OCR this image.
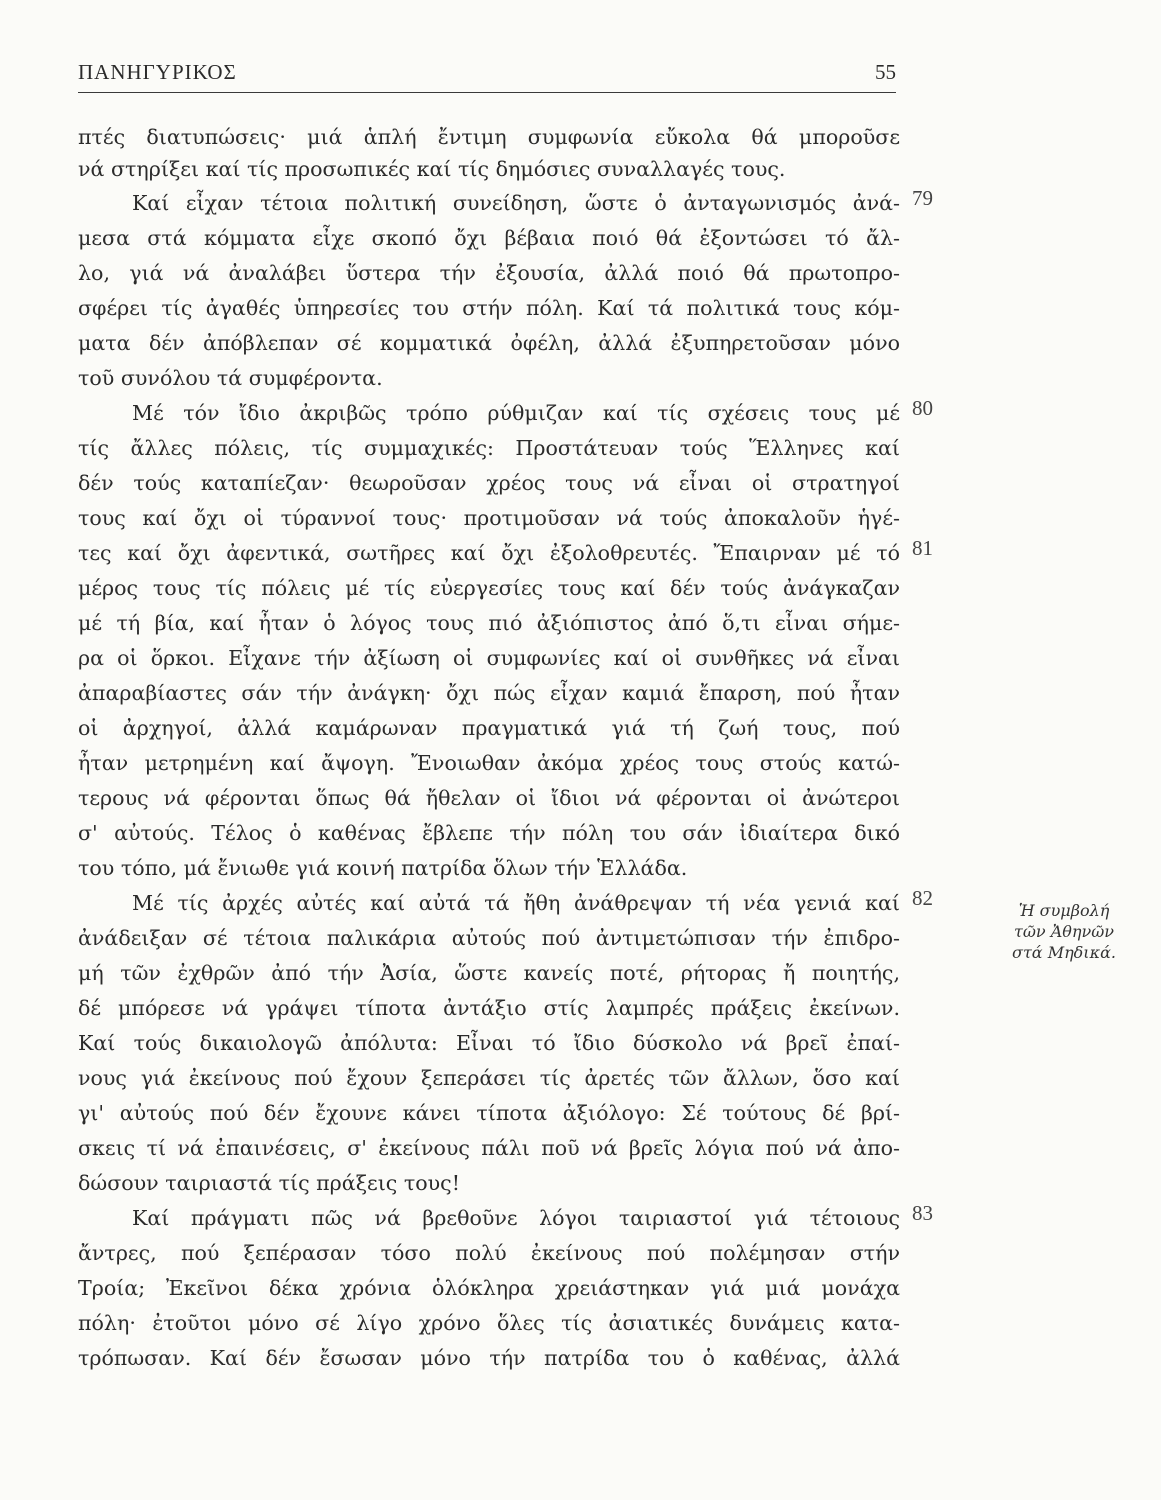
ΠΑΝΗΓΥΡΙΚΟΣ	55
πτές διατυπώσεις· μιά ἁπλή ἔντιμη συμφωνία εὔκολα θά μποροῦσε
νά στηρίξει καί τίς προσωπικές καί τίς δημόσιες συναλλαγές τους.
Καί εἶχαν τέτοια πολιτική συνείδηση, ὥστε ὁ ἀνταγωνισμός ἀνά-
μεσα στά κόμματα εἶχε σκοπό ὄχι βέβαια ποιό θά ἐξοντώσει τό ἄλ-
λο, γιά νά ἀναλάβει ὕστερα τήν ἐξουσία, ἀλλά ποιό θά πρωτοπρο-
σφέρει τίς ἀγαθές ὑπηρεσίες του στήν πόλη. Καί τά πολιτικά τους κόμ-
ματα δέν ἀπόβλεπαν σέ κομματικά ὀφέλη, ἀλλά ἐξυπηρετοῦσαν μόνο
τοῦ συνόλου τά συμφέροντα.
Μέ τόν ἴδιο ἀκριβῶς τρόπο ρύθμιζαν καί τίς σχέσεις τους μέ
τίς ἄλλες πόλεις, τίς συμμαχικές: Προστάτευαν τούς Ἕλληνες καί
δέν τούς καταπίεζαν· θεωροῦσαν χρέος τους νά εἶναι οἱ στρατηγοί
τους καί ὄχι οἱ τύραννοί τους· προτιμοῦσαν νά τούς ἀποκαλοῦν ἡγέ-
τες καί ὄχι ἀφεντικά, σωτῆρες καί ὄχι ἐξολοθρευτές. Ἔπαιρναν μέ τό
μέρος τους τίς πόλεις μέ τίς εὐεργεσίες τους καί δέν τούς ἀνάγκαζαν
μέ τή βία, καί ἦταν ὁ λόγος τους πιό ἀξιόπιστος ἀπό ὅ,τι εἶναι σήμε-
ρα οἱ ὅρκοι. Εἶχανε τήν ἀξίωση οἱ συμφωνίες καί οἱ συνθῆκες νά εἶναι
ἀπαραβίαστες σάν τήν ἀνάγκη· ὄχι πώς εἶχαν καμιά ἔπαρση, πού ἦταν
οἱ ἀρχηγοί, ἀλλά καμάρωναν πραγματικά γιά τή ζωή τους, πού
ἦταν μετρημένη καί ἄψογη. Ἔνοιωθαν ἀκόμα χρέος τους στούς κατώ-
τερους νά φέρονται ὅπως θά ἤθελαν οἱ ἴδιοι νά φέρονται οἱ ἀνώτεροι
σ' αὐτούς. Τέλος ὁ καθένας ἔβλεπε τήν πόλη του σάν ἰδιαίτερα δικό
του τόπο, μά ἔνιωθε γιά κοινή πατρίδα ὅλων τήν Ἑλλάδα.
Μέ τίς ἀρχές αὐτές καί αὐτά τά ἤθη ἀνάθρεψαν τή νέα γενιά καί
ἀνάδειξαν σέ τέτοια παλικάρια αὐτούς πού ἀντιμετώπισαν τήν ἐπιδρο-
μή τῶν ἐχθρῶν ἀπό τήν Ἀσία, ὥστε κανείς ποτέ, ρήτορας ἤ ποιητής,
δέ μπόρεσε νά γράψει τίποτα ἀντάξιο στίς λαμπρές πράξεις ἐκείνων.
Καί τούς δικαιολογῶ ἀπόλυτα: Εἶναι τό ἴδιο δύσκολο νά βρεῖ ἐπαί-
νους γιά ἐκείνους πού ἔχουν ξεπεράσει τίς ἀρετές τῶν ἄλλων, ὅσο καί
γι' αὐτούς πού δέν ἔχουνε κάνει τίποτα ἀξιόλογο: Σέ τούτους δέ βρί-
σκεις τί νά ἐπαινέσεις, σ' ἐκείνους πάλι ποῦ νά βρεῖς λόγια πού νά ἀπο-
δώσουν ταιριαστά τίς πράξεις τους!
Καί πράγματι πῶς νά βρεθοῦνε λόγοι ταιριαστοί γιά τέτοιους
ἄντρες, πού ξεπέρασαν τόσο πολύ ἐκείνους πού πολέμησαν στήν
Τροία; Ἐκεῖνοι δέκα χρόνια ὁλόκληρα χρειάστηκαν γιά μιά μονάχα
πόλη· ἐτοῦτοι μόνο σέ λίγο χρόνο ὅλες τίς ἀσιατικές δυνάμεις κατα-
τρόπωσαν. Καί δέν ἔσωσαν μόνο τήν πατρίδα του ὁ καθένας, ἀλλά
79
80
81
82
83
Ἡ συμβολή
τῶν Ἀθηνῶν
στά Μηδικά.
